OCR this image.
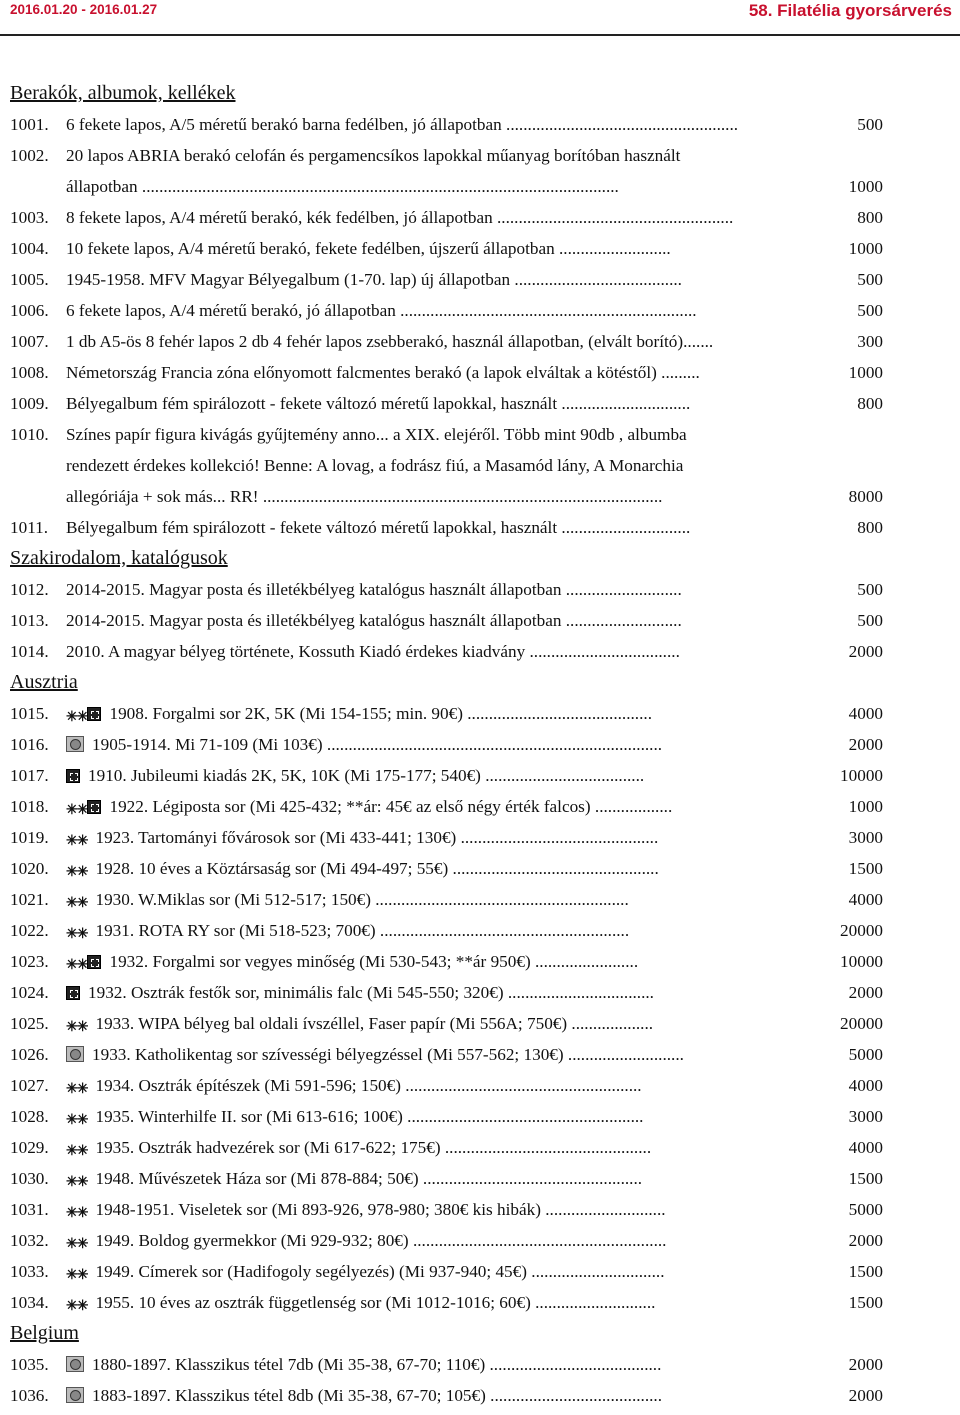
2016.01.20 - 2016.01.27	58. Filatélia gyorsárverés
Berakók, albumok, kellékek
1001. 6 fekete lapos, A/5 méretű berakó barna fedélben, jó állapotban ......................................................	500
1002. 20 lapos ABRIA berakó celofán és pergamencsíkos lapokkal műanyag borítóban használt
állapotban ...............................................................................................................	1000
1003. 8 fekete lapos, A/4 méretű berakó, kék fedélben, jó állapotban .......................................................	800
1004. 10 fekete lapos, A/4 méretű berakó, fekete fedélben, újszerű állapotban ..........................	1000
1005. 1945-1958. MFV Magyar Bélyegalbum (1-70. lap) új állapotban .......................................	500
1006. 6 fekete lapos, A/4 méretű berakó, jó állapotban .....................................................................	500
1007. 1 db A5-ös 8 fehér lapos 2 db 4 fehér lapos zsebberakó, használ állapotban, (elvált borító).......	300
1008. Németország Francia zóna előnyomott falcmentes berakó (a lapok elváltak a kötéstől) .........	1000
1009. Bélyegalbum fém spirálozott - fekete változó méretű lapokkal, használt ..............................	800
1010. Színes papír figura kivágás gyűjtemény anno... a XIX. elejéről. Több mint 90db , albumba
rendezett érdekes kollekció! Benne: A lovag, a fodrász fiú, a Masamód lány, A Monarchia
allegóriája + sok más... RR! .............................................................................................	8000
1011. Bélyegalbum fém spirálozott - fekete változó méretű lapokkal, használt ..............................	800
Szakirodalom, katalógusok
1012. 2014-2015. Magyar posta és illetékbélyeg katalógus használt állapotban ...........................	500
1013. 2014-2015. Magyar posta és illetékbélyeg katalógus használt állapotban ...........................	500
1014. 2010. A magyar bélyeg története, Kossuth Kiadó érdekes kiadvány ...................................	2000
Ausztria
1015. ✳✳ 1908. Forgalmi sor 2K, 5K (Mi 154-155; min. 90€) ...........................................	4000
1016.	1905-1914. Mi 71-109 (Mi 103€) ..............................................................................	2000
1017. 1910. Jubileumi kiadás 2K, 5K, 10K (Mi 175-177; 540€) .....................................	10000
1018. ✳✳ 1922. Légiposta sor (Mi 425-432; **ár: 45€ az első négy érték falcos) ..................	1000
1019. ✳✳ 1923. Tartományi fővárosok sor (Mi 433-441; 130€) ..............................................	3000
1020. ✳✳ 1928. 10 éves a Köztársaság sor (Mi 494-497; 55€) ................................................	1500
1021. ✳✳ 1930. W.Miklas sor (Mi 512-517; 150€) ...........................................................	4000
1022. ✳✳ 1931. ROTA RY sor (Mi 518-523; 700€) ..........................................................	20000
1023. ✳✳ 1932. Forgalmi sor vegyes minőség (Mi 530-543; **ár 950€) ........................	10000
1024. 1932. Osztrák festők sor, minimális falc (Mi 545-550; 320€) ..................................	2000
1025. ✳✳ 1933. WIPA bélyeg bal oldali ívszéllel, Faser papír (Mi 556A; 750€) ...................	20000
1026.	1933. Katholikentag sor szívességi bélyegzéssel (Mi 557-562; 130€) ...........................	5000
1027. ✳✳ 1934. Osztrák építészek (Mi 591-596; 150€) .......................................................	4000
1028. ✳✳ 1935. Winterhilfe II. sor (Mi 613-616; 100€) .......................................................	3000
1029. ✳✳ 1935. Osztrák hadvezérek sor (Mi 617-622; 175€) ................................................	4000
1030. ✳✳ 1948. Művészetek Háza sor (Mi 878-884; 50€) ...................................................	1500
1031. ✳✳ 1948-1951. Viseletek sor (Mi 893-926, 978-980; 380€ kis hibák) ............................	5000
1032. ✳✳ 1949. Boldog gyermekkor (Mi 929-932; 80€) ...........................................................	2000
1033. ✳✳ 1949. Címerek sor (Hadifogoly segélyezés) (Mi 937-940; 45€) ...............................	1500
1034. ✳✳ 1955. 10 éves az osztrák függetlenség sor (Mi 1012-1016; 60€) ............................	1500
Belgium
1035.	1880-1897. Klasszikus tétel 7db (Mi 35-38, 67-70; 110€) ........................................	2000
1036.	1883-1897. Klasszikus tétel 8db (Mi 35-38, 67-70; 105€) ........................................	2000
